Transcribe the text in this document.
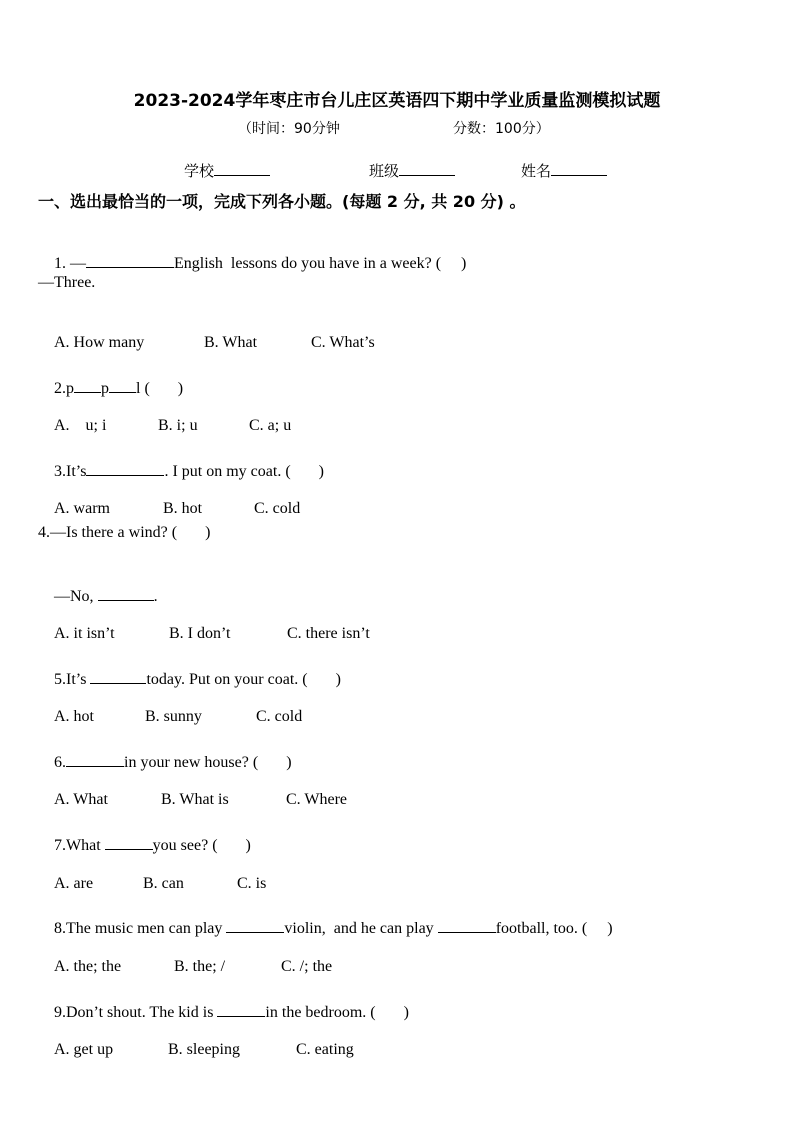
2023-2024学年枣庄市台儿庄区英语四下期中学业质量监测模拟试题
（时间：90分钟	分数：100分）
学校	班级	姓名
一、选出最恰当的一项，完成下列各小题。(每题 2 分, 共 20 分) 。

1. —	English  lessons do you have in a week? (     )

—Three.

A. How many	B. What	C. What’s

2.p p l (       )

A.    u; i	B. i; u	C. a; u

3.It’s	. I put on my coat. (       )

A. warm	B. hot	C. cold

4.—Is there a wind? (       )

—No,	.

A. it isn’t	B. I don’t	C. there isn’t

5.It’s	today. Put on your coat. (       )

A. hot	B. sunny	C. cold

6.	in your new house? (       )

A. What	B. What is	C. Where

7.What	you see? (       )

A. are	B. can	C. is

8.The music men can play	violin,  and he can play	football, too. (     )

A. the; the	B. the; /	C. /; the

9.Don’t shout. The kid is	in the bedroom. (       )

A. get up	B. sleeping	C. eating
